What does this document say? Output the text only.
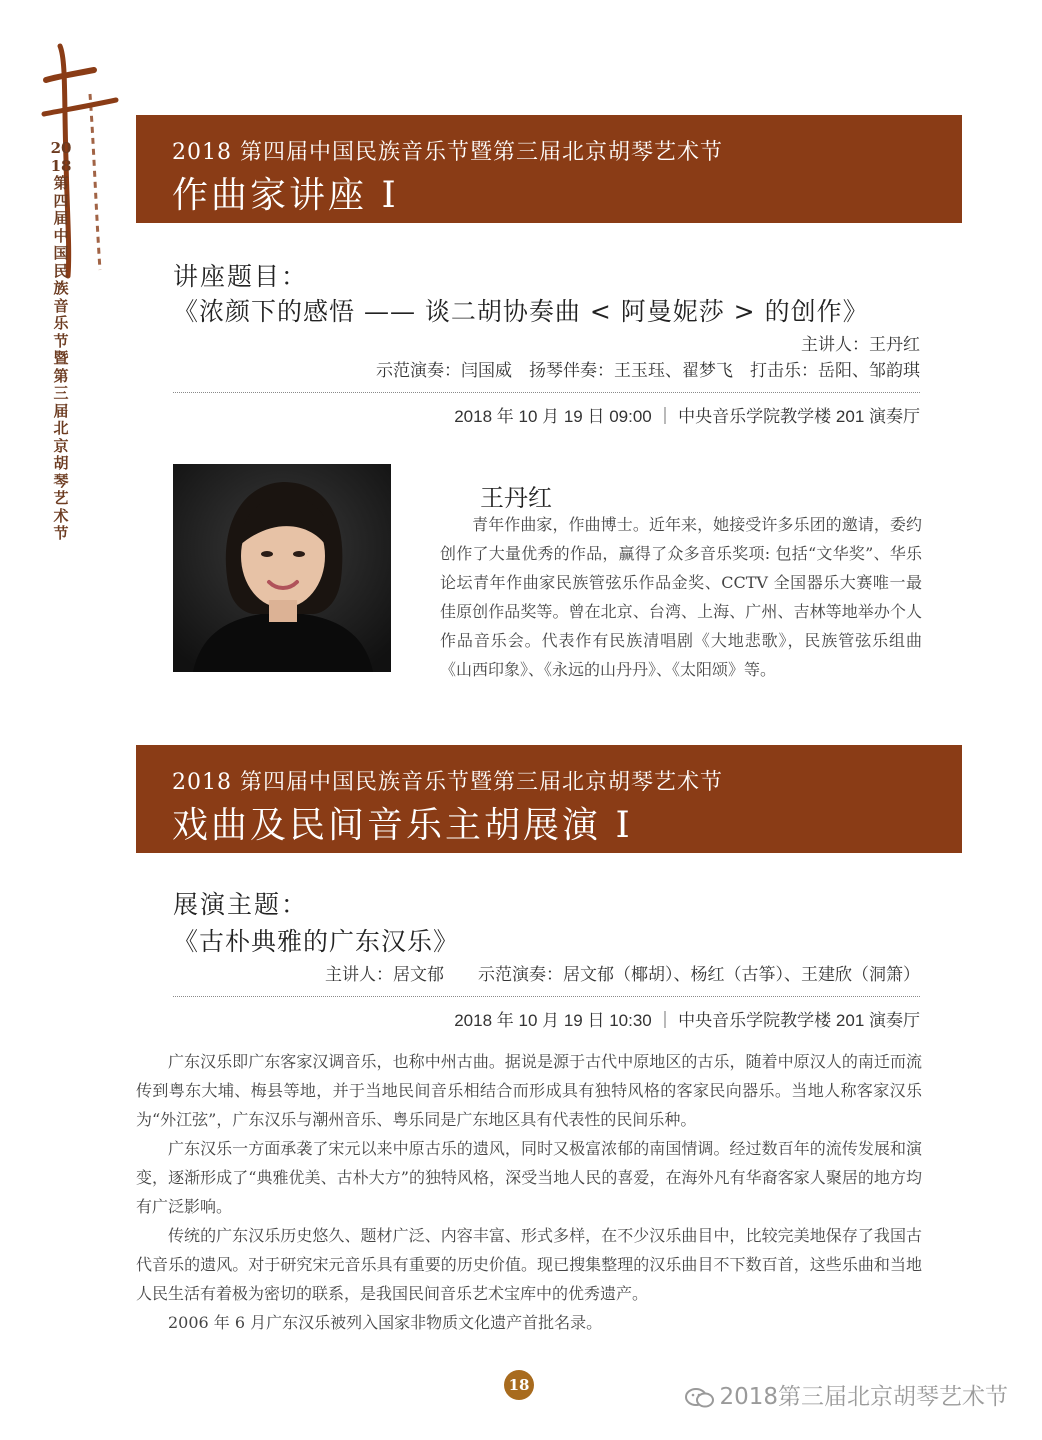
2018第四届中国民族音乐节暨第三届北京胡琴艺术节
2018 第四届中国民族音乐节暨第三届北京胡琴艺术节
作曲家讲座 I
讲座题目：
《浓颜下的感悟 —— 谈二胡协奏曲 < 阿曼妮莎 > 的创作》
主讲人：王丹红
示范演奏：闫国威　扬琴伴奏：王玉珏、翟梦飞　打击乐：岳阳、邹韵琪
2018 年 10 月 19 日 09:00 ｜ 中央音乐学院教学楼 201 演奏厅
王丹红
　　青年作曲家，作曲博士。近年来，她接受许多乐团的邀请，委约创作了大量优秀的作品，赢得了众多音乐奖项: 包括“文华奖”、华乐论坛青年作曲家民族管弦乐作品金奖、CCTV 全国器乐大赛唯一最佳原创作品奖等。曾在北京、台湾、上海、广州、吉林等地举办个人作品音乐会。代表作有民族清唱剧《大地悲歌》，民族管弦乐组曲《山西印象》、《永远的山丹丹》、《太阳颂》等。
2018 第四届中国民族音乐节暨第三届北京胡琴艺术节
戏曲及民间音乐主胡展演 I
展演主题：
《古朴典雅的广东汉乐》
主讲人：居文郁　　示范演奏：居文郁（椰胡）、杨红（古筝）、王建欣（洞箫）
2018 年 10 月 19 日 10:30 ｜ 中央音乐学院教学楼 201 演奏厅

广东汉乐即广东客家汉调音乐，也称中州古曲。据说是源于古代中原地区的古乐，随着中原汉人的南迁而流传到粤东大埔、梅县等地，并于当地民间音乐相结合而形成具有独特风格的客家民向器乐。当地人称客家汉乐为“外江弦”，广东汉乐与潮州音乐、粤乐同是广东地区具有代表性的民间乐种。

广东汉乐一方面承袭了宋元以来中原古乐的遗风，同时又极富浓郁的南国情调。经过数百年的流传发展和演变，逐渐形成了“典雅优美、古朴大方”的独特风格，深受当地人民的喜爱，在海外凡有华裔客家人聚居的地方均有广泛影响。

传统的广东汉乐历史悠久、题材广泛、内容丰富、形式多样，在不少汉乐曲目中，比较完美地保存了我国古代音乐的遗风。对于研究宋元音乐具有重要的历史价值。现已搜集整理的汉乐曲目不下数百首，这些乐曲和当地人民生活有着极为密切的联系，是我国民间音乐艺术宝库中的优秀遗产。

2006 年 6 月广东汉乐被列入国家非物质文化遗产首批名录。

18	2018第三届北京胡琴艺术节
